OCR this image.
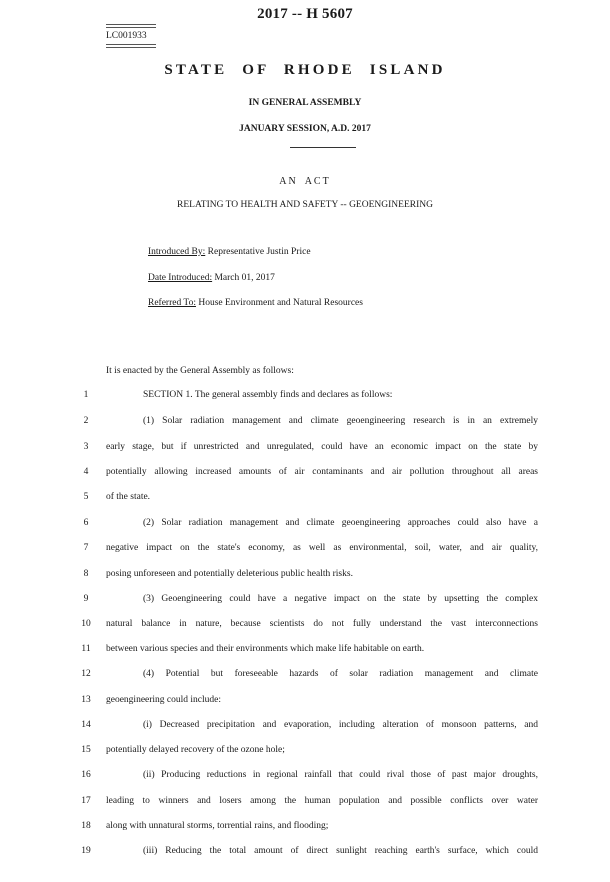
2017 -- H 5607
LC001933
STATE OF RHODE ISLAND
IN GENERAL ASSEMBLY
JANUARY SESSION, A.D. 2017
AN ACT
RELATING TO HEALTH AND SAFETY -- GEOENGINEERING
Introduced By: Representative Justin Price
Date Introduced: March 01, 2017
Referred To: House Environment and Natural Resources
It is enacted by the General Assembly as follows:
1	SECTION 1. The general assembly finds and declares as follows:
2	(1) Solar radiation management and climate geoengineering research is in an extremely
3	early stage, but if unrestricted and unregulated, could have an economic impact on the state by
4	potentially allowing increased amounts of air contaminants and air pollution throughout all areas
5	of the state.
6	(2) Solar radiation management and climate geoengineering approaches could also have a
7	negative impact on the state's economy, as well as environmental, soil, water, and air quality,
8	posing unforeseen and potentially deleterious public health risks.
9	(3) Geoengineering could have a negative impact on the state by upsetting the complex
10	natural balance in nature, because scientists do not fully understand the vast interconnections
11	between various species and their environments which make life habitable on earth.
12	(4) Potential but foreseeable hazards of solar radiation management and climate
13	geoengineering could include:
14	(i) Decreased precipitation and evaporation, including alteration of monsoon patterns, and
15	potentially delayed recovery of the ozone hole;
16	(ii) Producing reductions in regional rainfall that could rival those of past major droughts,
17	leading to winners and losers among the human population and possible conflicts over water
18	along with unnatural storms, torrential rains, and flooding;
19	(iii) Reducing the total amount of direct sunlight reaching earth's surface, which could
